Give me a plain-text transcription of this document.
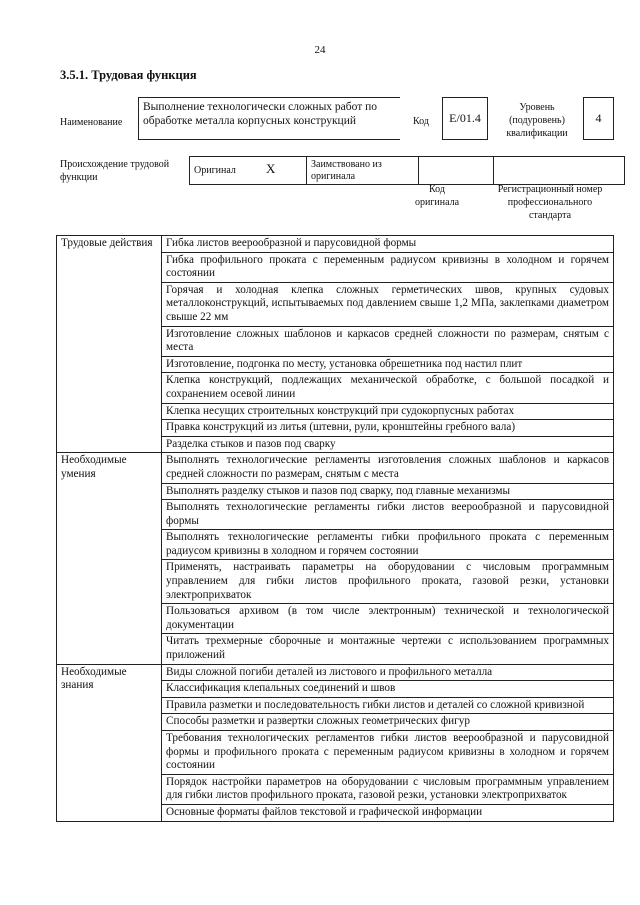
24
3.5.1. Трудовая функция
Наименование
Выполнение технологически сложных работ по обработке металла корпусных конструкций	Код	Е/01.4
Уровень (подуровень) квалификации
4
Происхождение трудовой функции
Оригинал X	Заимствовано из оригинала		
Код оригинала
Регистрационный номер профессионального стандарта
Трудовые действия	Гибка листов веерообразной и парусовидной формы
	Гибка профильного проката с переменным радиусом кривизны в холодном и горячем состоянии
	Горячая и холодная клепка сложных герметических швов, крупных судовых металлоконструкций, испытываемых под давлением свыше 1,2 МПа, заклепками диаметром свыше 22 мм
	Изготовление сложных шаблонов и каркасов средней сложности по размерам, снятым с места
	Изготовление, подгонка по месту, установка обрешетника под настил плит
	Клепка конструкций, подлежащих механической обработке, с большой посадкой и сохранением осевой линии
	Клепка несущих строительных конструкций при судокорпусных работах
	Правка конструкций из литья (штевни, рули, кронштейны гребного вала)
	Разделка стыков и пазов под сварку
Необходимые умения	Выполнять технологические регламенты изготовления сложных шаблонов и каркасов средней сложности по размерам, снятым с места
	Выполнять разделку стыков и пазов под сварку, под главные механизмы
	Выполнять технологические регламенты гибки листов веерообразной и парусовидной формы
	Выполнять технологические регламенты гибки профильного проката с переменным радиусом кривизны в холодном и горячем состоянии
	Применять, настраивать параметры на оборудовании с числовым программным управлением для гибки листов профильного проката, газовой резки, установки электроприхваток
	Пользоваться архивом (в том числе электронным) технической и технологической документации
	Читать трехмерные сборочные и монтажные чертежи с использованием программных приложений
Необходимые знания	Виды сложной погиби деталей из листового и профильного металла
	Классификация клепальных соединений и швов
	Правила разметки и последовательность гибки листов и деталей со сложной кривизной
	Способы разметки и развертки сложных геометрических фигур
	Требования технологических регламентов гибки листов веерообразной и парусовидной формы и профильного проката с переменным радиусом кривизны в холодном и горячем состоянии
	Порядок настройки параметров на оборудовании с числовым программным управлением для гибки листов профильного проката, газовой резки, установки электроприхваток
	Основные форматы файлов текстовой и графической информации
